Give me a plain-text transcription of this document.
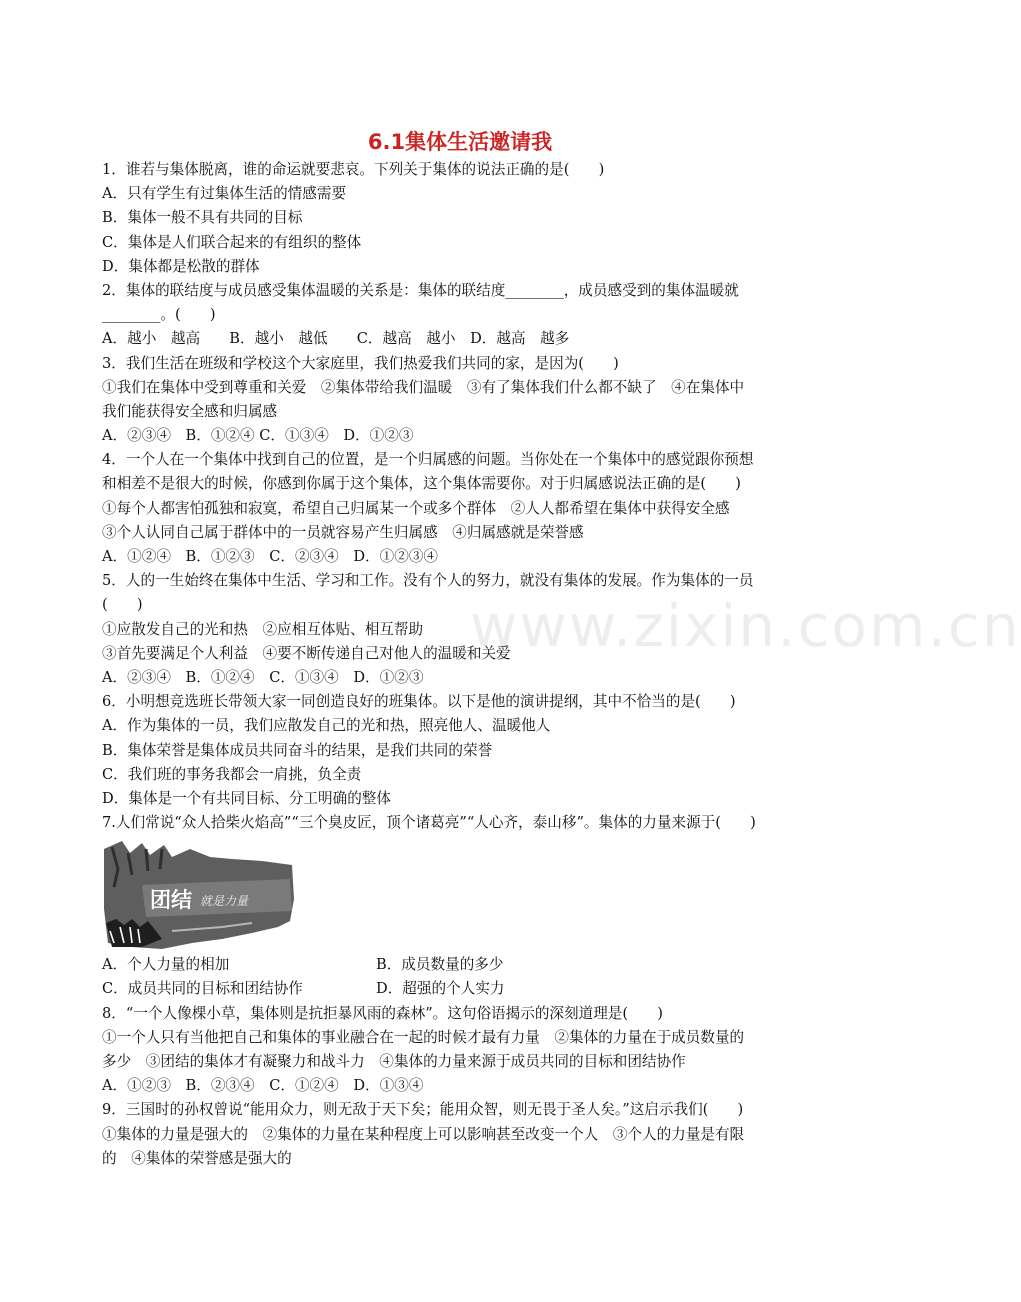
www.zixin.com.cn
6.1集体生活邀请我
1．谁若与集体脱离，谁的命运就要悲哀。下列关于集体的说法正确的是(　　)
A．只有学生有过集体生活的情感需要
B．集体一般不具有共同的目标
C．集体是人们联合起来的有组织的整体
D．集体都是松散的群体
2．集体的联结度与成员感受集体温暖的关系是：集体的联结度________，成员感受到的集体温暖就
________。(　　)
A．越小　越高　　B．越小　越低　　C．越高　越小　D．越高　越多
3．我们生活在班级和学校这个大家庭里，我们热爱我们共同的家，是因为(　　)
①我们在集体中受到尊重和关爱　②集体带给我们温暖　③有了集体我们什么都不缺了　④在集体中
我们能获得安全感和归属感
A．②③④　B．①②④ C．①③④　D．①②③
4．一个人在一个集体中找到自己的位置，是一个归属感的问题。当你处在一个集体中的感觉跟你预想
和相差不是很大的时候，你感到你属于这个集体，这个集体需要你。对于归属感说法正确的是(　　)
①每个人都害怕孤独和寂寞，希望自己归属某一个或多个群体　②人人都希望在集体中获得安全感
③个人认同自己属于群体中的一员就容易产生归属感　④归属感就是荣誉感
A．①②④　B．①②③　C．②③④　D．①②③④
5．人的一生始终在集体中生活、学习和工作。没有个人的努力，就没有集体的发展。作为集体的一员
(　　)
①应散发自己的光和热　②应相互体贴、相互帮助
③首先要满足个人利益　④要不断传递自己对他人的温暖和关爱
A．②③④　B．①②④　C．①③④　D．①②③
6．小明想竞选班长带领大家一同创造良好的班集体。以下是他的演讲提纲，其中不恰当的是(　　)
A．作为集体的一员，我们应散发自己的光和热，照亮他人、温暖他人
B．集体荣誉是集体成员共同奋斗的结果，是我们共同的荣誉
C．我们班的事务我都会一肩挑，负全责
D．集体是一个有共同目标、分工明确的整体
7.人们常说“众人拾柴火焰高”“三个臭皮匠，顶个诸葛亮”“人心齐，泰山移”。集体的力量来源于(　　)
团结 就是力量
A．个人力量的相加	B．成员数量的多少
C．成员共同的目标和团结协作	D．超强的个人实力
8．“一个人像棵小草，集体则是抗拒暴风雨的森林”。这句俗语揭示的深刻道理是(　　)
①一个人只有当他把自己和集体的事业融合在一起的时候才最有力量　②集体的力量在于成员数量的
多少　③团结的集体才有凝聚力和战斗力　④集体的力量来源于成员共同的目标和团结协作
A．①②③　B．②③④　C．①②④　D．①③④
9．三国时的孙权曾说“能用众力，则无敌于天下矣；能用众智，则无畏于圣人矣。”这启示我们(　　)
①集体的力量是强大的　②集体的力量在某种程度上可以影响甚至改变一个人　③个人的力量是有限
的　④集体的荣誉感是强大的
